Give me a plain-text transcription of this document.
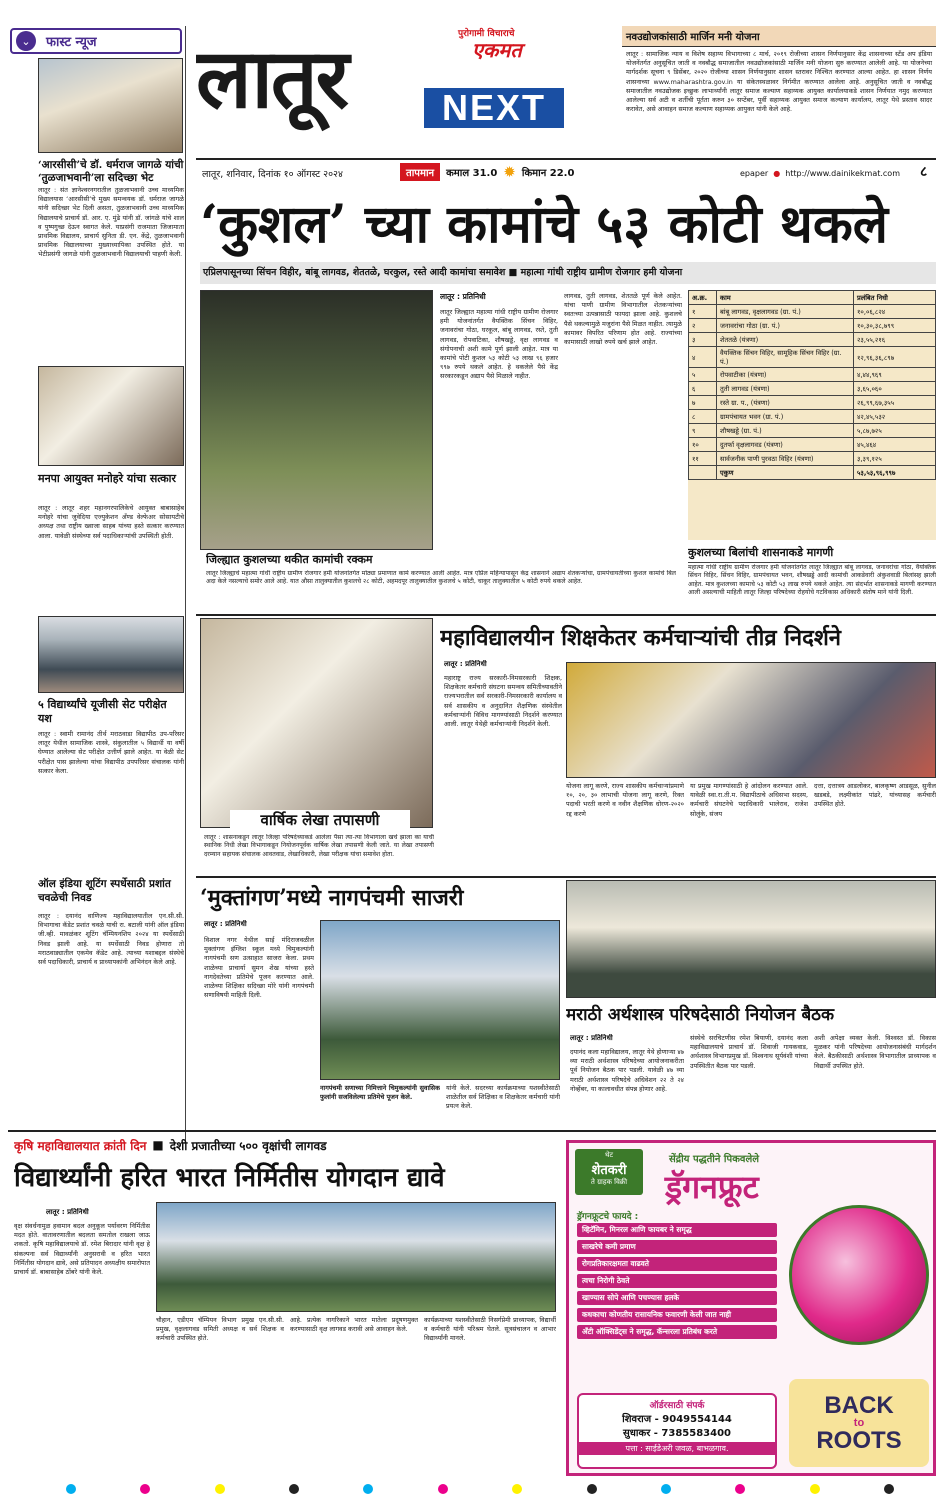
⌄	फास्ट न्यूज
‘आरसीसी’चे डॉ. धर्मराज जागळे यांची ‘तुळजाभवानी’ला सदिच्छा भेट
लातूर : संत ज्ञानेश्वरनगरातील तुळजाभवानी उच्च माध्यमिक विद्यालयास ‘आरसीसी’चे मुख्य समन्वयक डॉ. धर्मराज जागळे यांनी सदिच्छा भेट दिली असता, तुळजाभवानी उच्च माध्यमिक विद्यालयाचे प्राचार्य डॉ. आर. ए. मुंढे यांनी डॉ. जांगळे यांचे शाल व पुष्पगुच्छ देऊन स्वागत केले. याप्रसंगी राजमाता जिजामाता प्राथमिक विद्यालय, प्राचार्य सुनिता डी. एन. केंद्रे, तुळजाभवानी प्राथमिक विद्यालयाच्या मुख्याध्यापिका उपस्थित होते. या भेटीप्रसंगी जागळे यांनी तुळजाभवानी विद्यालयाची पाहणी केली.
मनपा आयुक्त मनोहरे यांचा सत्कार
लातूर : लातूर शहर महानगरपालिकेचे आयुक्त बाबासाहेब मनोहरे यांचा जुवेदिया एज्युकेशन अँण्ड वेल्फेअर सोसायटीचे अध्यक्ष तथा राष्ट्रीय ख्वाजा साहब यांच्या हस्ते सत्कार करण्यात आला. यावेळी संस्थेच्या सर्व पदाधिकाऱ्यांची उपस्थिती होती.
५ विद्यार्थ्यांचे यूजीसी सेट परीक्षेत यश
लातूर : स्वामी रामानंद तीर्थ मराठवाडा विद्यापीठ उप-परिसर लातूर येथील सामाजिक शास्त्रे, संकुलातील ५ विद्यार्थी या वर्षी घेण्यात आलेल्या सेट परीक्षेत उत्तीर्ण झाले आहेत. या वेळी सेट परीक्षेत पास झालेल्या यांचा विद्यापीठ उपपरिसर संचालक यांनी सत्कार केला.
ऑल इंडिया शूटिंग स्पर्धेसाठी प्रशांत चवळेची निवड
लातूर : दयानंद वाणिज्य महाविद्यालयातील एन.सी.सी. विभागाचा कॅडेट प्रशांत चवळे याची रा. बटाली यांनी ऑल इंडिया जी.व्ही. मावळंकर शूटिंग चॅम्पियनशिप २०२४ या स्पर्धेसाठी निवड झाली आहे. या स्पर्धेसाठी निवड होणारा तो मराठवाड्यातील एकमेव कॅडेट आहे. त्याच्या यशाबद्दल संस्थेचे सर्व पदाधिकारी, प्राचार्य व प्राध्यापकांनी अभिनंदन केले आहे.
पुरोगामी विचाराचे
एकमत
लातूर	NEXT
लातूर, शनिवार, दिनांक १० ऑगस्ट २०२४	तापमान	कमाल 31.0 ✹ किमान 22.0	epaper ● http://www.dainikekmat.com ८
नवउद्योजकांसाठी मार्जिन मनी योजना
लातूर : सामाजिक न्याय व विशेष सहाय्य विभागाच्या ८ मार्च, २०१९ रोजीच्या शासन निर्णयानुसार केंद्र शासनाच्या स्टँड अप इंडिया योजनेंतर्गत अनुसूचित जाती व नवबौद्ध समाजातील नवउद्योजकांसाठी मार्जिन मनी योजना सुरु करण्यात आलेली आहे. या योजनेच्या मार्गदर्शक सूचना ९ डिसेंबर, २०२० रोजीच्या शासन निर्णयानुसार शासन स्तरावर निश्चित करण्यात आल्या आहेत. हा शासन निर्णय शासनाच्या www.maharashtra.gov.in या संकेतस्थळावर निर्गमीत करण्यात आलेला आहे. अनुसूचित जाती व नवबौद्ध समाजातील नवउद्योजक इच्छुक लाभार्थ्यांनी लातूर समाज कल्याण सहाय्यक आयुक्त कार्यालयाकडे शासन निर्णयात नमुद करण्यात आलेल्या सर्व अटी व शर्तीची पूर्तता करुन ३० सप्टेंबर, पूर्वी सहाय्यक आयुक्त समाज कल्याण कार्यालय, लातूर येथे प्रस्ताव सादर करावेत, असे आवाहन समाज कल्याण सहाय्यक आयुक्त यांनी केले आहे.
‘कुशल’ च्या कामांचे ५३ कोटी थकले
एप्रिलपासूनच्या सिंचन विहीर, बांबू लागवड, शेततळे, घरकुल, रस्ते आदी कामांचा समावेश ■ महात्मा गांधी राष्ट्रीय ग्रामीण रोजगार हमी योजना
लातूर : प्रतिनिधी
लातूर जिल्ह्यात महात्मा गांधी राष्ट्रीय ग्रामीण रोजगार हमी योजनांतर्गत वैयक्तिक सिंचन विहिर, जनावरांचा गोठा, घरकूल, बांबू लागवड, रस्ते, तुती लागवड, रोपवाटिका, शौषखड्डे, वृक्ष लागवड व संगोपनाची अशी कामे पूर्ण झाली आहेत. मात्र या कामांचे पोटी कुशल ५३ कोटी ५३ लाख ९६ हजार ९९७ रुपये थकले आहेत. हे थकलेले पैसे केंद्र सरकारकडून अद्याप पैसे मिळाले नाहीत.
लागवड, तुती लागवड, शेततळे पूर्ण केले आहेत. यांचा पाणी ग्रामीण विभागातील शेतकऱ्यांच्या स्वतःच्या उत्पन्नासाठी फायदा झाला आहे. कुशलचे पैसे थकल्यामुळे मजुरांना पैसे मिळत नाहीत. त्यामुळे कामावर विपरित परिणाम होत आहे. राज्यांच्या कामासाठी लाखो रुपये खर्च झाले आहेत.
जिल्ह्यात कुशलच्या थकीत कामांची रक्कम
लातूर जिल्ह्याचे महात्मा गांधी राष्ट्रीय ग्रामीण रोजगार हमी योजनांतर्गत मोठ्या प्रमाणात कामे करण्यात आली आहेत. मात्र एप्रिल महिन्यापासून केंद्र शासनाने अद्याप शेतकऱ्यांचा, ग्रामपंचायतीच्या कुशल कामांचे बिल अदा केले नसल्याचे समोर आले आहे. यात औसा तालुक्यातील कुशलचे २८ कोटी, अहमदपूर तालुक्यातील कुशलचे ५ कोटी, चाकूर तालुक्यातील ५ कोटी रुपये थकले आहेत.
अ.क्र.	काम	प्रलंबित निधी
१	बांबू लागवड, वृक्षलागवड (ग्रा. पं.)	१०,०६,८२४
२	जनावरांचा गोठा (ग्रा. पं.)	१०,३०,३८,७९९
३	शेततळे (यंत्रणा)	२३,५५,२१६
४	वैयक्तिक सिंचन विहिर, सामूहिक सिंचन विहिर (ग्रा. पं.)	१२,९६,३६,८९७
५	रोपवाटीका (यंत्रणा)	४,४४,९६९
६	तुती लागवड (यंत्रणा)	३,६५,०६०
७	रस्ते ग्रा. प., (यंत्रणा)	२६,९९,६७,३५५
८	ग्रामपंचायत भवन (ग्रा. पं.)	४२,४५,५३२
९	शौषखड्डे (ग्रा. पं.)	५,८७,७२५
१०	दुतर्फा वृक्षलागवड (यंत्रणा)	४५,४६४
११	सार्वजनीक पाणी पुरवठा विहिर (यंत्रणा)	३,३९,१२५
	एकुण	५३,५३,९६,९९७
कुशलच्या बिलांची शासनाकडे मागणी
महात्मा गांधी राष्ट्रीय ग्रामीण रोजगार हमी योजनांतर्गत लातूर जिल्ह्यात बांबू लागवड, जनावरांचा गोठा, वैयक्तिक सिंचन विहिर, सिंचन विहिर, ग्रामपंचायत भवन, शौषखड्डे आदी कामांची आकडेवारी अंकुशवाडी बिलांसह झाली आहेत. मात्र कुशलच्या कामाचे ५३ कोटी ५३ लाख रुपये थकले आहेत. त्या संदर्भात शासनाकडे मागणी करण्यात आली असल्याची माहिती लातूर जिल्हा परिषदेच्या रोहयोचे गटविकास अधिकारी संतोष माने यांनी दिली.
वार्षिक लेखा तपासणी
लातूर : शासनाकडून लातूर जिल्हा परिषदेच्याकडे आलेला पैसा त्या-त्या विभागाला खर्च झाला का याची स्थानिक निधी लेखा विभागाकडून नियोजनपूर्वक वार्षिक लेखा तपासणी केली जाते. या लेखा तपासणी दरम्यान सहायक संचालक आवतवाड, लेखाधिकारी, लेखा परीक्षक यांचा समावेश होता.
महाविद्यालयीन शिक्षकेतर कर्मचाऱ्यांची तीव्र निदर्शने
लातूर : प्रतिनिधी
महाराष्ट्र राज्य सरकारी-निमसरकारी शिक्षक, शिक्षकेतर कर्मचारी संघटना समन्वय समितीच्यावतीने राज्यभरातील सर्व सरकारी-निमसरकारी कार्यालय व सर्व शासकीय व अनुदानित शैक्षणिक संस्थेतील कर्मचाऱ्यांनी विविध मागण्यांसाठी निदर्शने करण्यात आली. लातूर येथेही कर्मचाऱ्यांनी निदर्शने केली.
योजना लागू करणे, राज्य शासकीय कर्मचाऱ्यांप्रमाणे १०, २०, ३० लाभाची योजना लागू करणे, रिक्त पदाची भरती करणे व नवीन शैक्षणिक धोरण-२०२० रद्द करणे
या प्रमुख मागण्यांसाठी हे आंदोलन करण्यात आले. यावेळी स्वा.रा.ती.म. विद्यापीठाचे अधिसभा सदस्य, कर्मचारी संघटनेचे पदाधिकारी भालेराव, राजेश सोलुंके, संजय
दत्ता, दत्तात्रय आडलोकर, बालकृष्ण आडसूळ, सुनील खडबडे, लक्ष्मीकांत पांढरे, यांच्यासह कर्मचारी उपस्थित होते.
‘मुक्तांगण’मध्ये नागपंचमी साजरी
लातूर : प्रतिनिधी
विशाल नगर येथील साई मंदिराजवळील मुक्तांगण इंग्लिश स्कूल मध्ये चिमुकल्यांनी नागपंचमी सण उत्साहात साजरा केला. प्रथम शाळेच्या प्राचार्या सुमन शेख यांच्या हस्ते नागदेवतेच्या प्रतिमेचे पूजन करण्यात आले. शाळेच्या शिक्षिका सदिच्छा मोरे यांनी नागपंचमी सणाविषयी माहिती दिली.
नागपंचमी सणाच्या निमित्ताने चिमुकल्यांनी सुवासिक फुलांनी सजविलेल्या प्रतिमेचे पूजन केले.
यांनी केले. सदरच्या कार्यक्रमाच्या यशस्वीतेसाठी शाळेतील सर्व शिक्षिका व शिक्षकेतर कर्मचारी यांनी प्रयत्न केले.
मराठी अर्थशास्त्र परिषदेसाठी नियोजन बैठक
लातूर : प्रतिनिधी
दयानंद कला महाविद्यालय, लातूर येथे होणाऱ्या ४७ व्या मराठी अर्थशास्त्र परिषदेच्या आयोजनाकरीता पूर्व नियोजन बैठक पार पडली. यावेळी ४७ व्या मराठी अर्थशास्त्र परिषदेचे अधिवेशन २२ ते २४ नोव्हेंबर, या कालावधीत संपन्न होणार आहे.
संस्थेचे सरचिटणीस रमेश बियाणी, दयानंद कला महाविद्यालयाचे प्राचार्य डॉ. शिवाजी गायकवाड, अर्थशास्त्र विभागप्रमुख डॉ. विश्वनाथ सूर्यवंशी यांच्या उपस्थितीत बैठक पार पडली.
अशी अपेक्षा व्यक्त केली. विश्वस्त डॉ. विकास मुळकर यांनी परिषदेच्या आयोजनासंबंधी मार्गदर्शन केले. बैठकीसाठी अर्थशास्त्र विभागातील प्राध्यापक व विद्यार्थी उपस्थित होते.
कृषि महाविद्यालयात क्रांती दिन ■ देशी प्रजातीच्या ५०० वृक्षांची लागवड
विद्यार्थ्यांनी हरित भारत निर्मितीस योगदान द्यावे
लातूर : प्रतिनिधी
वृक्ष संवर्धनामुळ हवामान बदल अनुकूल पर्यावरण निर्मितीस मदत होते. वातावरणातील बदलता समतोल राखला जाऊ शकतो. कृषि महाविद्यालयाचे डॉ. रमेश बिरादार यांनी वृक्ष हे संकल्पना सर्व विद्यार्थ्यांनी अनुसरावी व हरित भारत निर्मितीस योगदान द्यावे, असे प्रतिपादन अध्यक्षीय समारोपात प्राचार्य डॉ. बाबासाहेब ठोंबरे यांनी केले.
चौहान, एडीएम चॅम्पियन विभाग प्रमुख एन.सी.सी. प्रमुख, वृक्षलागवड समिती अध्यक्ष व सर्व शिक्षक व कर्मचारी उपस्थित होते.
आहे. प्रत्येक नागरिकाने भारत मातेला प्रदूषणमुक्त करण्यासाठी वृक्ष लागवड करावी असे आवाहन केले.
कार्यक्रमाच्या यशस्वीतेसाठी निसर्गप्रेमी प्राध्यापक, विद्यार्थी व कर्मचारी यांनी परिश्रम घेतले. सूत्रसंचालन व आभार विद्यार्थ्यांनी मानले.
थेट
शेतकरी
ते ग्राहक विक्री
सेंद्रीय पद्धतीने पिकवलेले
ड्रॅगनफ्रूट
ड्रॅगनफ्रूटचे फायदे :
व्हिटॅमिन, मिनरल आणि फायबर ने समृद्ध
साखरेचे कमी प्रमाण
रोगप्रतिकारक्षमता वाढवते
त्वचा निरोगी ठेवते
खाण्यास सोपे आणि पचण्यास हलके
कधकाचा कोणतीय रासायनिक फवारणी केली जात नाही
अँटी ऑक्सिडेंट्स ने समृद्ध, कॅन्सरला प्रतिबंध करते
ऑर्डरसाठी संपर्क
शिवराज - 9049554144
सुधाकर - 7385583400
पत्ता : साईडेअरी जवळ, बाभळगाव.
BACK
to
ROOTS
